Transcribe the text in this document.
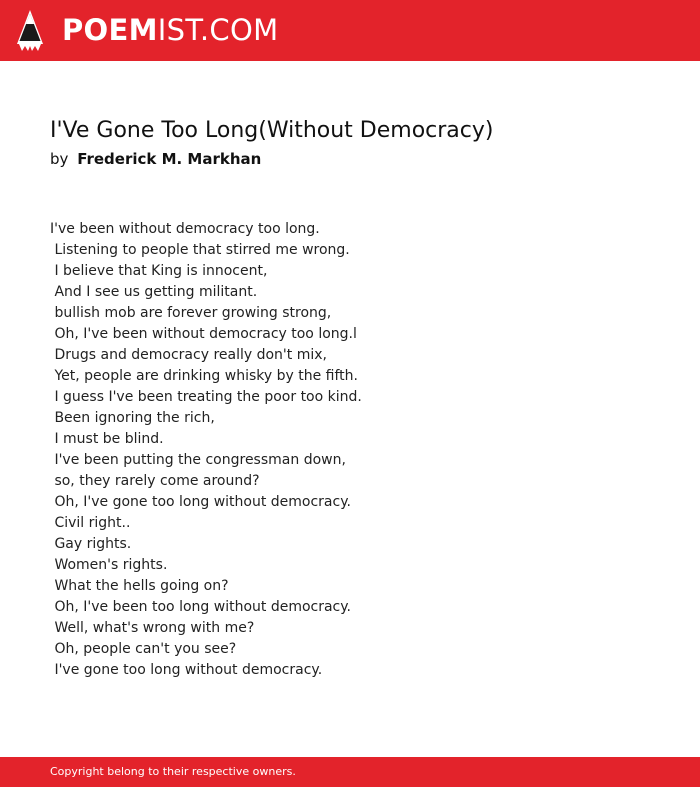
POEMIST.COM
I'Ve Gone Too Long(Without Democracy)
by Frederick M. Markhan
I've been without democracy too long.
Listening to people that stirred me wrong.
I believe that King is innocent,
And I see us getting militant.
bullish mob are forever growing strong,
Oh, I've been without democracy too long.l
Drugs and democracy really don't mix,
Yet, people are drinking whisky by the fifth.
I guess I've been treating the poor too kind.
Been ignoring the rich,
I must be blind.
I've been putting the congressman down,
so, they rarely come around?
Oh, I've gone too long without democracy.
Civil right..
Gay rights.
Women's rights.
What the hells going on?
Oh, I've been too long without democracy.
Well, what's wrong with me?
Oh, people can't you see?
I've gone too long without democracy.
Copyright belong to their respective owners.
